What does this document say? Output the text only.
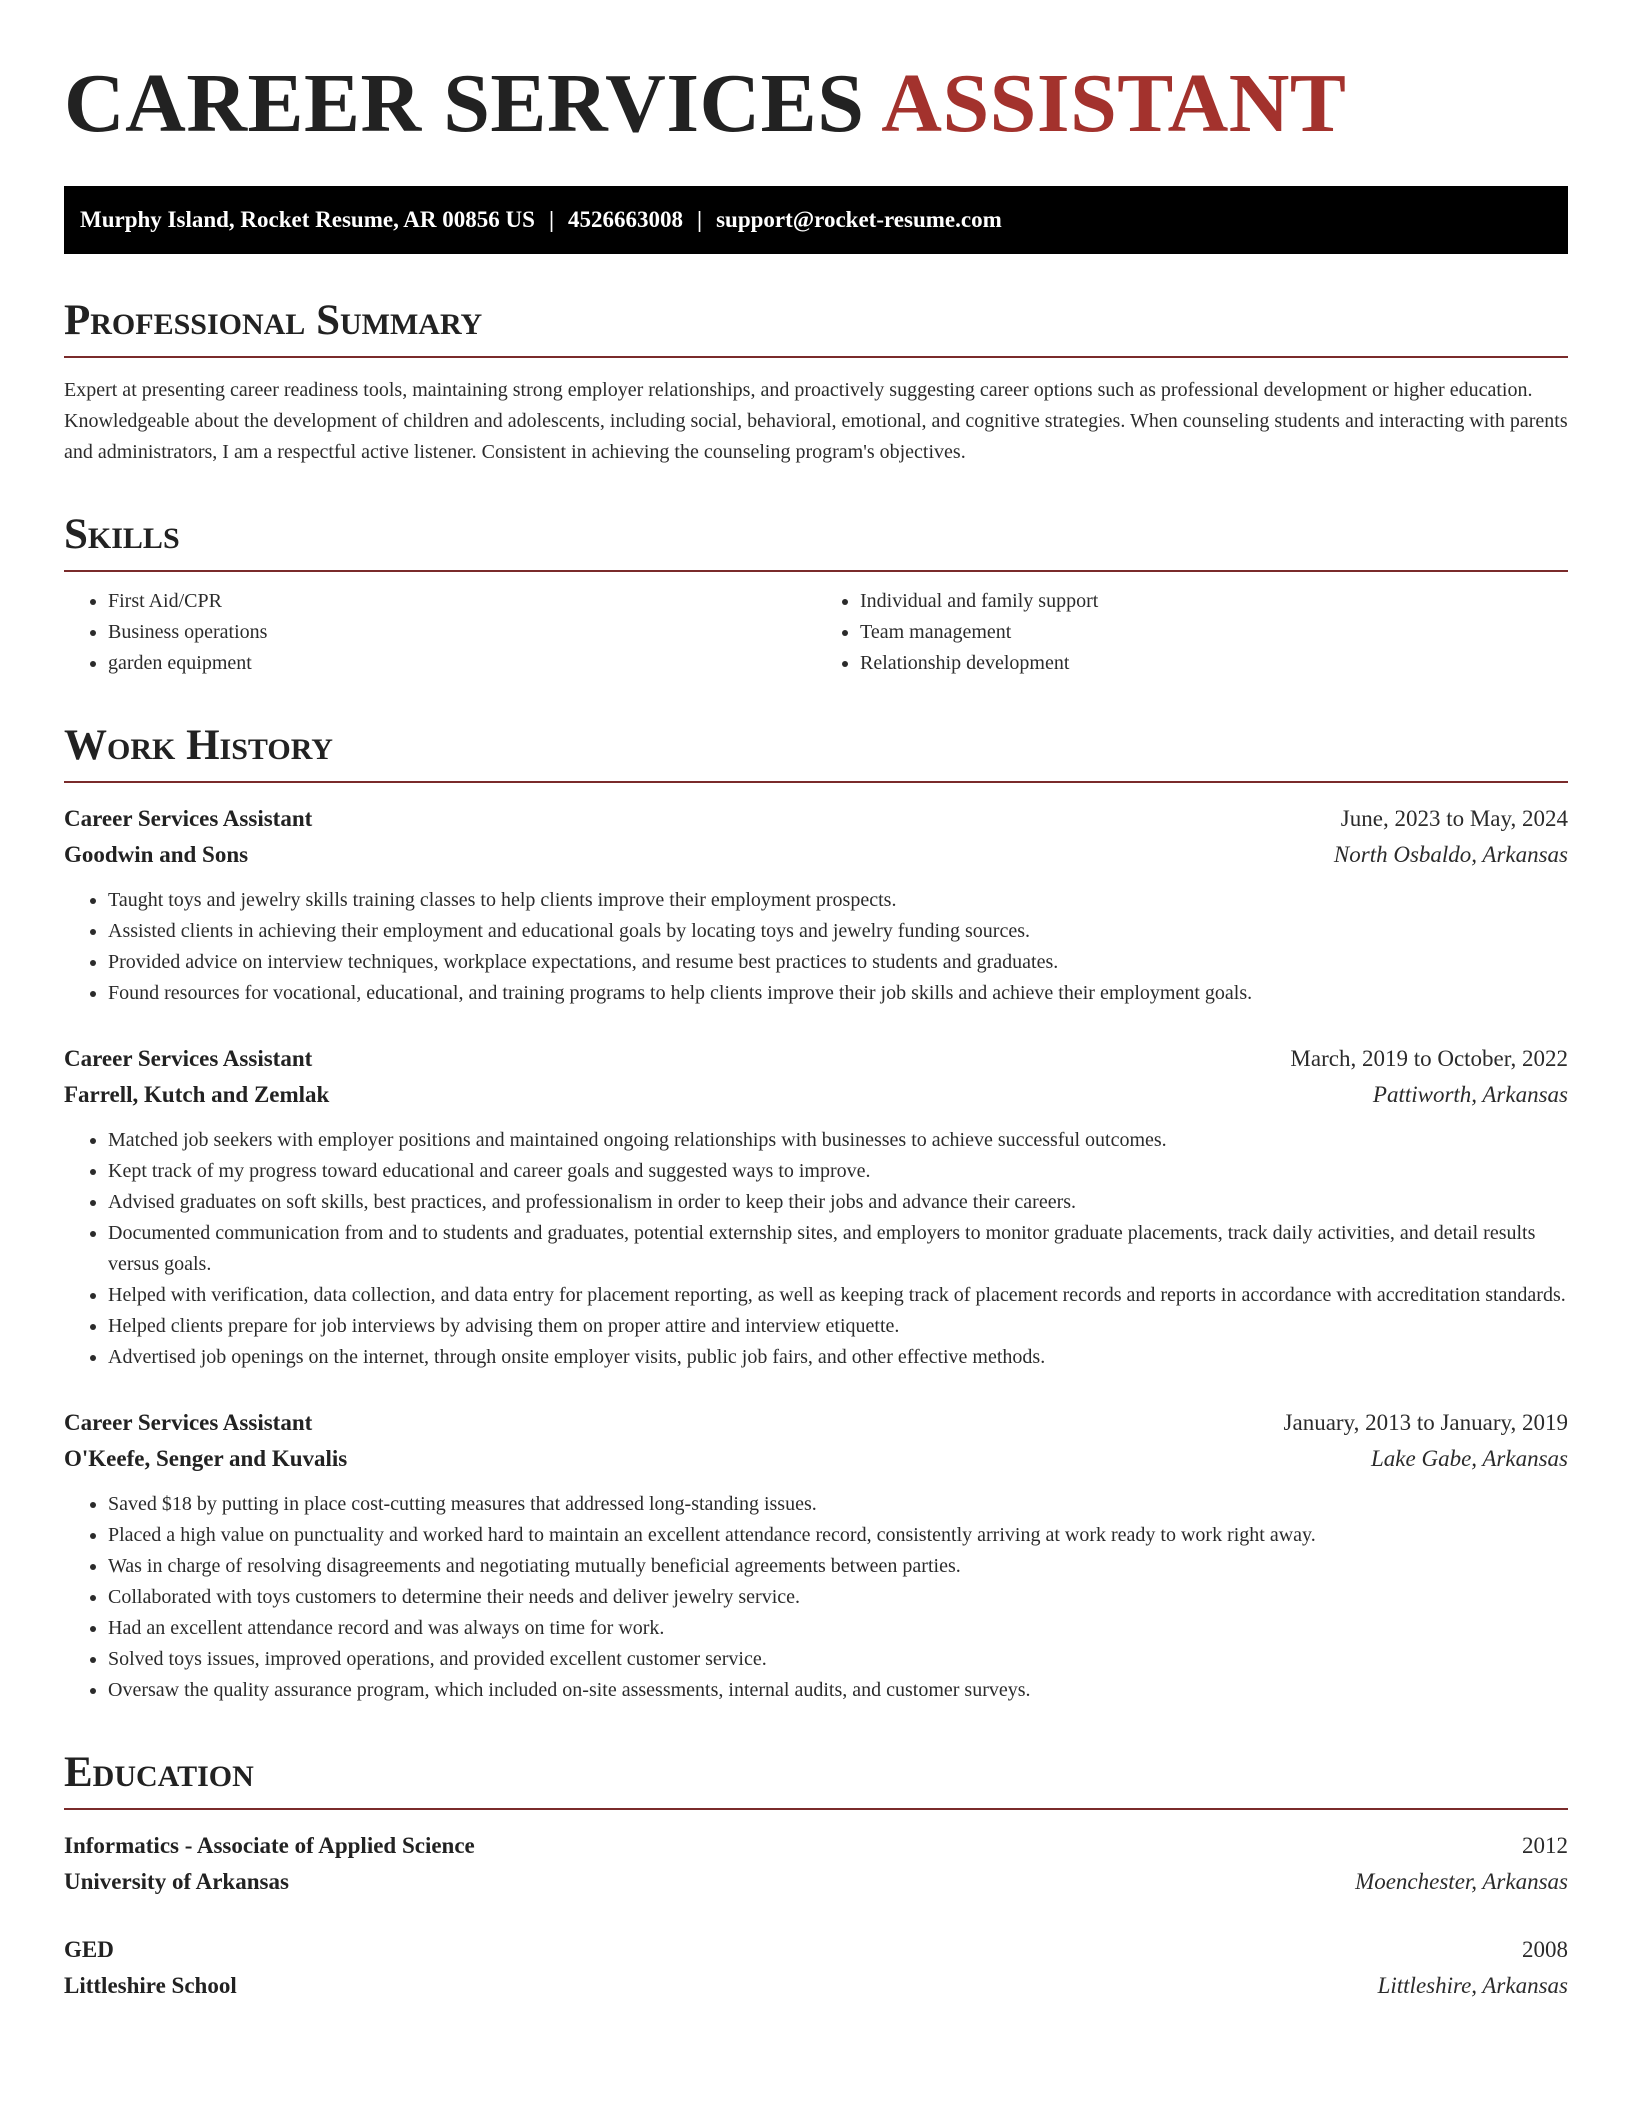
CAREER SERVICES ASSISTANT
Murphy Island, Rocket Resume, AR 00856 US | 4526663008 | support@rocket-resume.com
Professional Summary

Expert at presenting career readiness tools, maintaining strong employer relationships, and proactively suggesting career options such as professional development or higher education. Knowledgeable about the development of children and adolescents, including social, behavioral, emotional, and cognitive strategies. When counseling students and interacting with parents and administrators, I am a respectful active listener. Consistent in achieving the counseling program's objectives.

Skills
• First Aid/CPR
• Business operations
• garden equipment
• Individual and family support
• Team management
• Relationship development
Work History
Career Services Assistant	June, 2023 to May, 2024
Goodwin and Sons	North Osbaldo, Arkansas
• Taught toys and jewelry skills training classes to help clients improve their employment prospects.
• Assisted clients in achieving their employment and educational goals by locating toys and jewelry funding sources.
• Provided advice on interview techniques, workplace expectations, and resume best practices to students and graduates.
• Found resources for vocational, educational, and training programs to help clients improve their job skills and achieve their employment goals.
Career Services Assistant	March, 2019 to October, 2022
Farrell, Kutch and Zemlak	Pattiworth, Arkansas
• Matched job seekers with employer positions and maintained ongoing relationships with businesses to achieve successful outcomes.
• Kept track of my progress toward educational and career goals and suggested ways to improve.
• Advised graduates on soft skills, best practices, and professionalism in order to keep their jobs and advance their careers.
• Documented communication from and to students and graduates, potential externship sites, and employers to monitor graduate placements, track daily activities, and detail results versus goals.
• Helped with verification, data collection, and data entry for placement reporting, as well as keeping track of placement records and reports in accordance with accreditation standards.
• Helped clients prepare for job interviews by advising them on proper attire and interview etiquette.
• Advertised job openings on the internet, through onsite employer visits, public job fairs, and other effective methods.
Career Services Assistant	January, 2013 to January, 2019
O'Keefe, Senger and Kuvalis	Lake Gabe, Arkansas
• Saved $18 by putting in place cost-cutting measures that addressed long-standing issues.
• Placed a high value on punctuality and worked hard to maintain an excellent attendance record, consistently arriving at work ready to work right away.
• Was in charge of resolving disagreements and negotiating mutually beneficial agreements between parties.
• Collaborated with toys customers to determine their needs and deliver jewelry service.
• Had an excellent attendance record and was always on time for work.
• Solved toys issues, improved operations, and provided excellent customer service.
• Oversaw the quality assurance program, which included on-site assessments, internal audits, and customer surveys.
Education
Informatics - Associate of Applied Science	2012
University of Arkansas	Moenchester, Arkansas
GED	2008
Littleshire School	Littleshire, Arkansas
